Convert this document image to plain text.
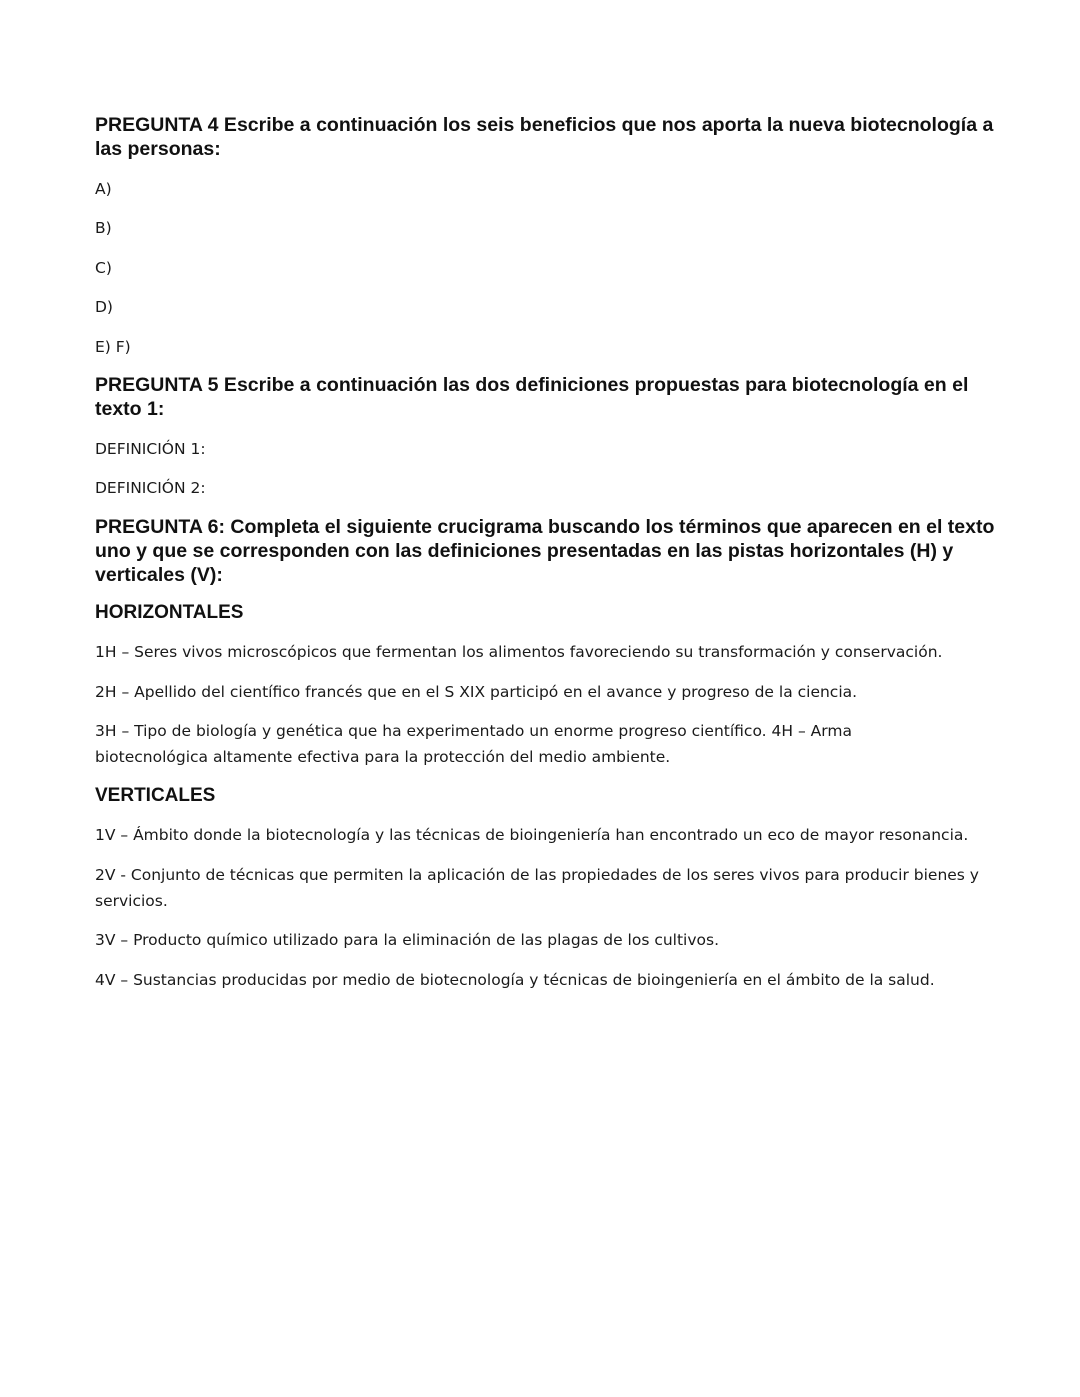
PREGUNTA 4 Escribe a continuación los seis beneficios que nos aporta la nueva biotecnología a las personas:

A)

B)

C)

D)

E) F)

PREGUNTA 5 Escribe a continuación las dos definiciones propuestas para biotecnología en el texto 1:

DEFINICIÓN 1:

DEFINICIÓN 2:

PREGUNTA 6: Completa el siguiente crucigrama buscando los términos que aparecen en el texto uno y que se corresponden con las definiciones presentadas en las pistas horizontales (H) y verticales (V):

HORIZONTALES

1H – Seres vivos microscópicos que fermentan los alimentos favoreciendo su transformación y conservación.

2H – Apellido del científico francés que en el S XIX participó en el avance y progreso de la ciencia.

3H – Tipo de biología y genética que ha experimentado un enorme progreso científico. 4H – Arma biotecnológica altamente efectiva para la protección del medio ambiente.

VERTICALES

1V – Ámbito donde la biotecnología y las técnicas de bioingeniería han encontrado un eco de mayor resonancia.

2V - Conjunto de técnicas que permiten la aplicación de las propiedades de los seres vivos para producir bienes y servicios.

3V – Producto químico utilizado para la eliminación de las plagas de los cultivos.

4V – Sustancias producidas por medio de biotecnología y técnicas de bioingeniería en el ámbito de la salud.
